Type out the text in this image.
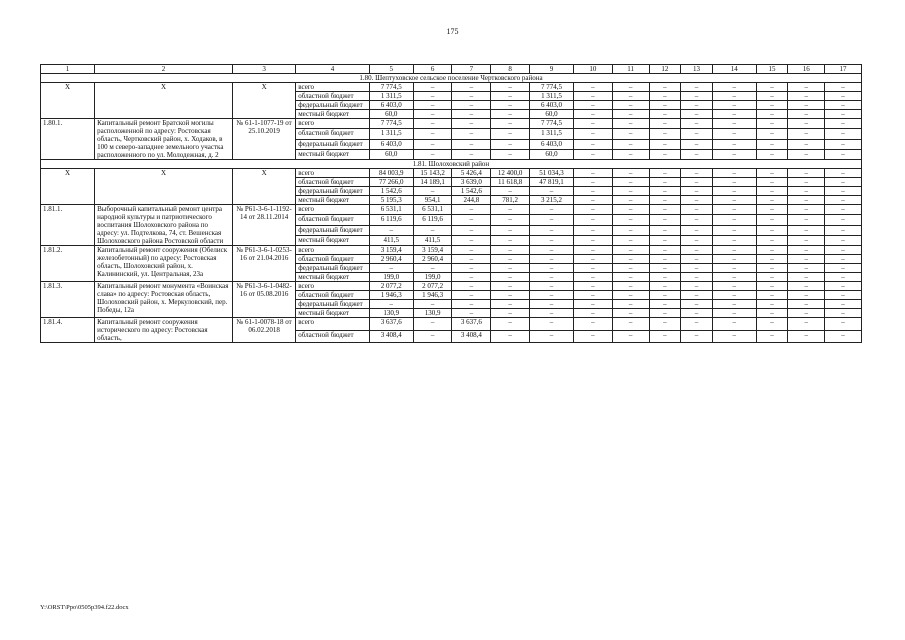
175
1	2	3	4	5	6	7	8	9	10	11	12	13	14	15	16	17
1.80. Шептуховское сельское поселение Чертковского района																
Х	Х	Х	всего	7 774,5	–	–	–	7 774,5	–	–	–	–	–	–	–	–
			областной бюджет	1 311,5	–	–	–	1 311,5	–	–	–	–	–	–	–	–
			федеральный бюджет	6 403,0	–	–	–	6 403,0	–	–	–	–	–	–	–	–
			местный бюджет	60,0	–	–	–	60,0	–	–	–	–	–	–	–	–
1.80.1.	Капитальный ремонт Братской могилы расположенной по адресу: Ростовская область, Чертковский район, х. Ходаков, в 100 м северо-западнее земельного участка расположенного по ул. Молодежная, д. 2	№ 61-1-1077-19 от 25.10.2019	всего	7 774,5	–	–	–	7 774,5	–	–	–	–	–	–	–	–
			областной бюджет	1 311,5	–	–	–	1 311,5	–	–	–	–	–	–	–	–
			федеральный бюджет	6 403,0	–	–	–	6 403,0	–	–	–	–	–	–	–	–
			местный бюджет	60,0	–	–	–	60,0	–	–	–	–	–	–	–	–
1.81. Шолоховский район																
Х	Х	Х	всего	84 003,9	15 143,2	5 426,4	12 400,0	51 034,3	–	–	–	–	–	–	–	–
			областной бюджет	77 266,0	14 189,1	3 639,0	11 618,8	47 819,1	–	–	–	–	–	–	–	–
			федеральный бюджет	1 542,6	–	1 542,6	–	–	–	–	–	–	–	–	–	–
			местный бюджет	5 195,3	954,1	244,8	781,2	3 215,2	–	–	–	–	–	–	–	–
1.81.1.	Выборочный капитальный ремонт центра народной культуры и патриотического воспитания Шолоховского района по адресу: ул. Подтелкова, 74, ст. Вешенская Шолоховского района Ростовской области	№ Р61-3-6-1-1192-14 от 28.11.2014	всего	6 531,1	6 531,1	–	–	–	–	–	–	–	–	–	–	–
			областной бюджет	6 119,6	6 119,6	–	–	–	–	–	–	–	–	–	–	–
			федеральный бюджет	–	–	–	–	–	–	–	–	–	–	–	–	–
			местный бюджет	411,5	411,5	–	–	–	–	–	–	–	–	–	–	–
1.81.2.	Капитальный ремонт сооружения (Обелиск железобетонный) по адресу: Ростовская область, Шолоховский район, х. Калининский, ул. Центральная, 23а	№ Р61-3-6-1-0253-16 от 21.04.2016	всего	3 159,4	3 159,4	–	–	–	–	–	–	–	–	–	–	–
			областной бюджет	2 960,4	2 960,4	–	–	–	–	–	–	–	–	–	–	–
			федеральный бюджет	–	–	–	–	–	–	–	–	–	–	–	–	–
			местный бюджет	199,0	199,0	–	–	–	–	–	–	–	–	–	–	–
1.81.3.	Капитальный ремонт монумента «Воинская слава» по адресу: Ростовская область, Шолоховский район, х. Меркуловский, пер. Победы, 12а	№ Р61-3-6-1-0482-16 от 05.08.2016	всего	2 077,2	2 077,2	–	–	–	–	–	–	–	–	–	–	–
			областной бюджет	1 946,3	1 946,3	–	–	–	–	–	–	–	–	–	–	–
			федеральный бюджет	–	–	–	–	–	–	–	–	–	–	–	–	–
			местный бюджет	130,9	130,9	–	–	–	–	–	–	–	–	–	–	–
1.81.4.	Капитальный ремонт сооружения исторического по адресу: Ростовская область,	№ 61-1-0078-18 от 06.02.2018	всего	3 637,6	–	3 637,6	–	–	–	–	–	–	–	–	–	–
			областной бюджет	3 408,4	–	3 408,4	–	–	–	–	–	–	–	–	–	–
Y:\ORST\Ppo\0505p394.f22.docx
